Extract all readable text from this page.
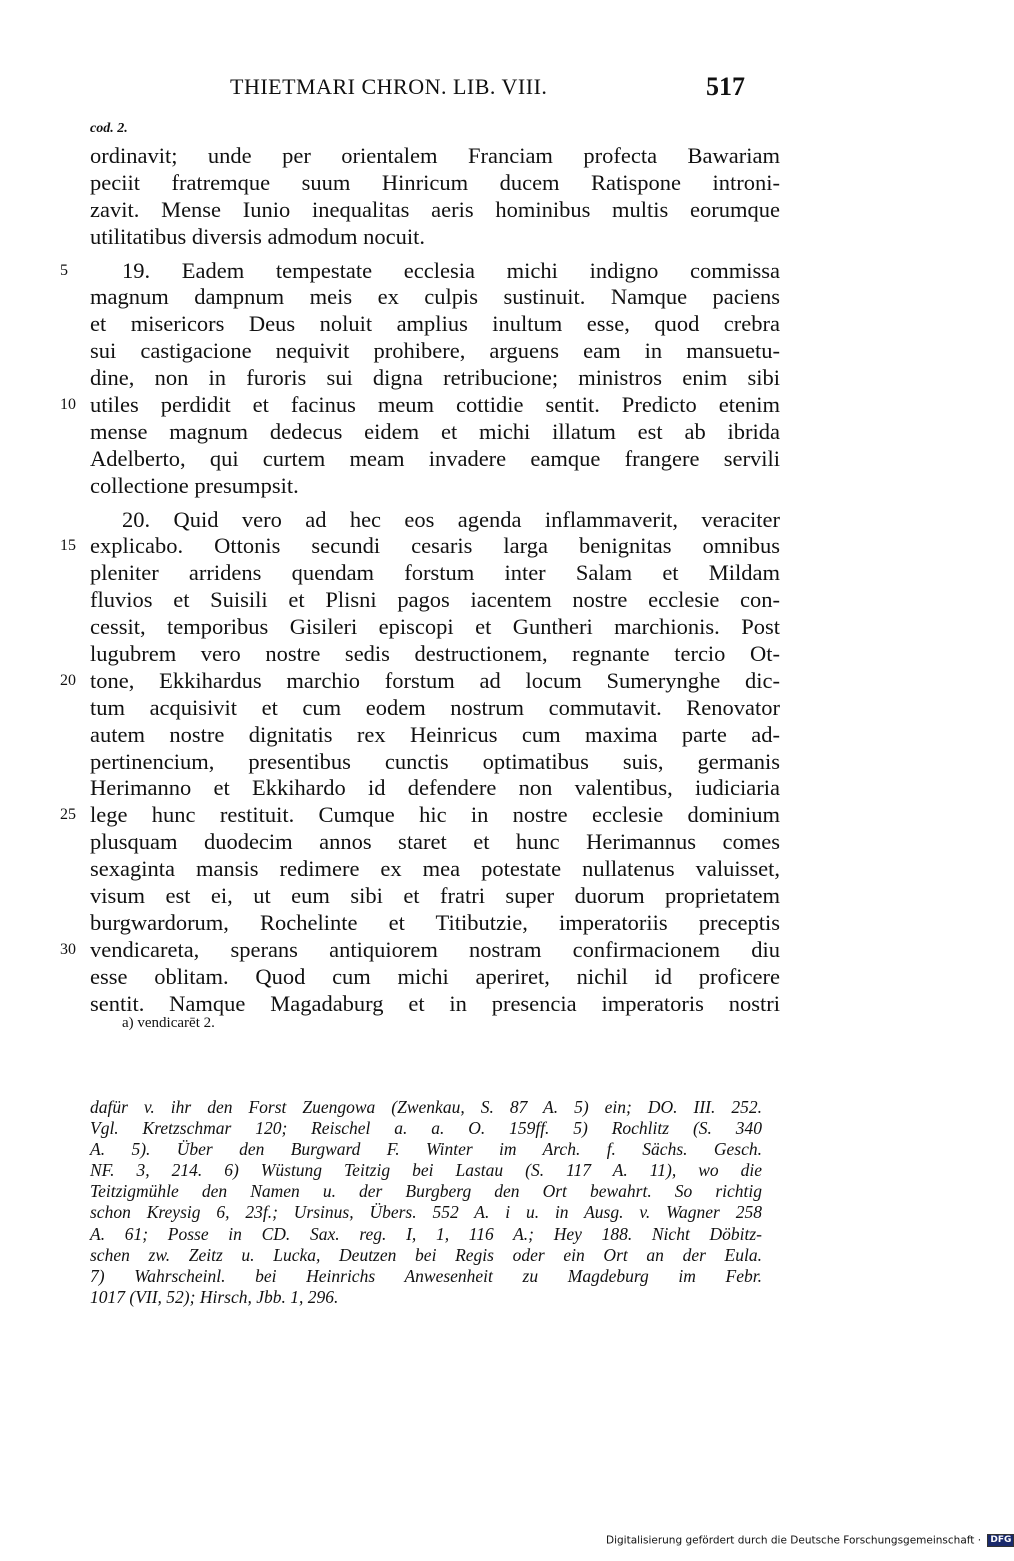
THIETMARI CHRON. LIB. VIII.	517
cod. 2.
ordinavit; unde per orientalem Franciam profecta Bawariam
peciit fratremque suum Hinricum ducem Ratispone introni-
zavit. Mense Iunio inequalitas aeris hominibus multis eorumque
utilitatibus diversis admodum nocuit.
5	19. Eadem tempestate ecclesia michi indigno commissa
magnum dampnum meis ex culpis sustinuit. Namque paciens
et misericors Deus noluit amplius inultum esse, quod crebra
sui castigacione nequivit prohibere, arguens eam in mansuetu-
dine, non in furoris sui digna retribucione; ministros enim sibi
10 utiles perdidit et facinus meum cottidie sentit. Predicto etenim
mense magnum dedecus eidem et michi illatum est ab ibrida
Adelberto, qui curtem meam invadere eamque frangere servili
collectione presumpsit.
20. Quid vero ad hec eos agenda inflammaverit, veraciter
15 explicabo. Ottonis secundi cesaris larga benignitas omnibus
pleniter arridens quendam forstum inter Salam et Mildam
fluvios et Suisili et Plisni pagos iacentem nostre ecclesie con-
cessit, temporibus Gisileri episcopi et Guntheri marchionis. Post
lugubrem vero nostre sedis destructionem, regnante tercio Ot-
20 tone, Ekkihardus marchio forstum ad locum Sumerynghe dic-
tum acquisivit et cum eodem nostrum commutavit. Renovator
autem nostre dignitatis rex Heinricus cum maxima parte ad-
pertinencium, presentibus cunctis optimatibus suis, germanis
Herimanno et Ekkihardo id defendere non valentibus, iudiciaria
25 lege hunc restituit. Cumque hic in nostre ecclesie dominium
plusquam duodecim annos staret et hunc Herimannus comes
sexaginta mansis redimere ex mea potestate nullatenus valuisset,
visum est ei, ut eum sibi et fratri super duorum proprietatem
burgwardorum, Rochelinte et Titibutzie, imperatoriis preceptis
30 vendicareta, sperans antiquiorem nostram confirmacionem diu
esse oblitam. Quod cum michi aperiret, nichil id proficere
sentit. Namque Magadaburg et in presencia imperatoris nostri
a) vendicarēt 2.
dafür v. ihr den Forst Zuengowa (Zwenkau, S. 87 A. 5) ein; DO. III. 252.
Vgl. Kretzschmar 120; Reischel a. a. O. 159ff. 5) Rochlitz (S. 340
A. 5). Über den Burgward F. Winter im Arch. f. Sächs. Gesch.
NF. 3, 214. 6) Wüstung Teitzig bei Lastau (S. 117 A. 11), wo die
Teitzigmühle den Namen u. der Burgberg den Ort bewahrt. So richtig
schon Kreysig 6, 23f.; Ursinus, Übers. 552 A. i u. in Ausg. v. Wagner 258
A. 61; Posse in CD. Sax. reg. I, 1, 116 A.; Hey 188. Nicht Döbitz-
schen zw. Zeitz u. Lucka, Deutzen bei Regis oder ein Ort an der Eula.
7) Wahrscheinl. bei Heinrichs Anwesenheit zu Magdeburg im Febr.
1017 (VII, 52); Hirsch, Jbb. 1, 296.
Digitalisierung gefördert durch die Deutsche Forschungsgemeinschaft · DFG
